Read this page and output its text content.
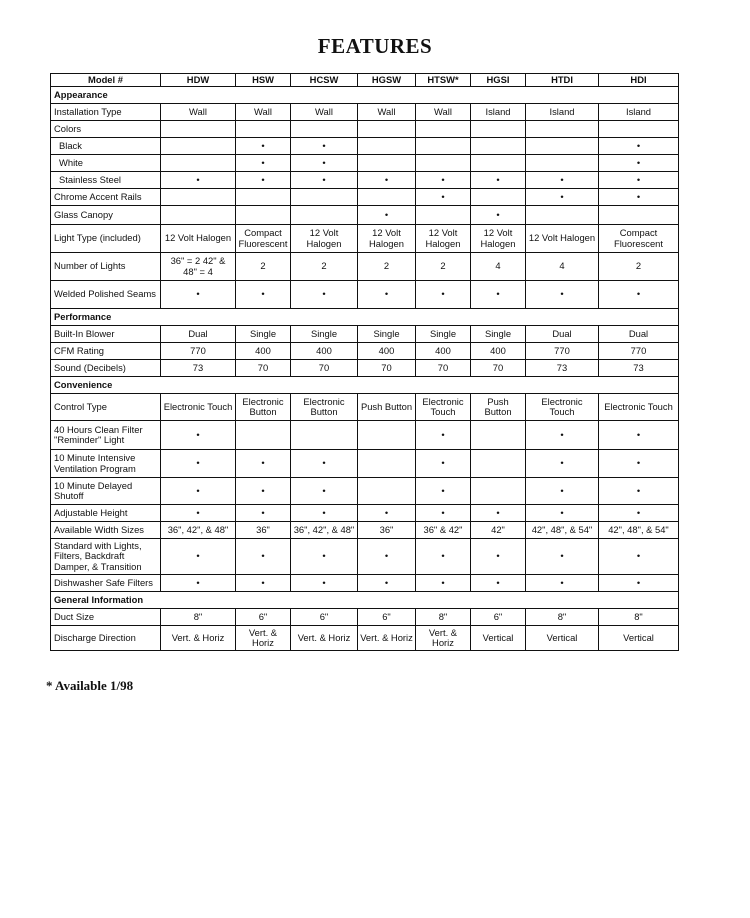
FEATURES
Model #	HDW	HSW	HCSW	HGSW	HTSW*	HGSI	HTDI	HDI
Appearance								
Installation Type	Wall	Wall	Wall	Wall	Wall	Island	Island	Island
Colors								
Black		•	•					•
White		•	•					•
Stainless Steel	•	•	•	•	•	•	•	•
Chrome Accent Rails					•		•	•
Glass Canopy				•		•		
Light Type (included)	12 Volt Halogen	Compact Fluorescent	12 Volt Halogen	12 Volt Halogen	12 Volt Halogen	12 Volt Halogen	12 Volt Halogen	Compact Fluorescent
Number of Lights	36" = 2 42" & 48" = 4	2	2	2	2	4	4	2
Welded Polished Seams	•	•	•	•	•	•	•	•
Performance								
Built-In Blower	Dual	Single	Single	Single	Single	Single	Dual	Dual
CFM Rating	770	400	400	400	400	400	770	770
Sound (Decibels)	73	70	70	70	70	70	73	73
Convenience								
Control Type	Electronic Touch	Electronic Button	Electronic Button	Push Button	Electronic Touch	Push Button	Electronic Touch	Electronic Touch
40 Hours Clean Filter "Reminder" Light	•				•		•	•
10 Minute Intensive Ventilation Program	•	•	•		•		•	•
10 Minute Delayed Shutoff	•	•	•		•		•	•
Adjustable Height	•	•	•	•	•	•	•	•
Available Width Sizes	36", 42", & 48"	36"	36", 42", & 48"	36"	36" & 42"	42"	42", 48", & 54"	42", 48", & 54"
Standard with Lights, Filters, Backdraft Damper, & Transition	•	•	•	•	•	•	•	•
Dishwasher Safe Filters	•	•	•	•	•	•	•	•
General Information								
Duct Size	8"	6"	6"	6"	8"	6"	8"	8"
Discharge Direction	Vert. & Horiz	Vert. & Horiz	Vert. & Horiz	Vert. & Horiz	Vert. & Horiz	Vertical	Vertical	Vertical
* Available 1/98
